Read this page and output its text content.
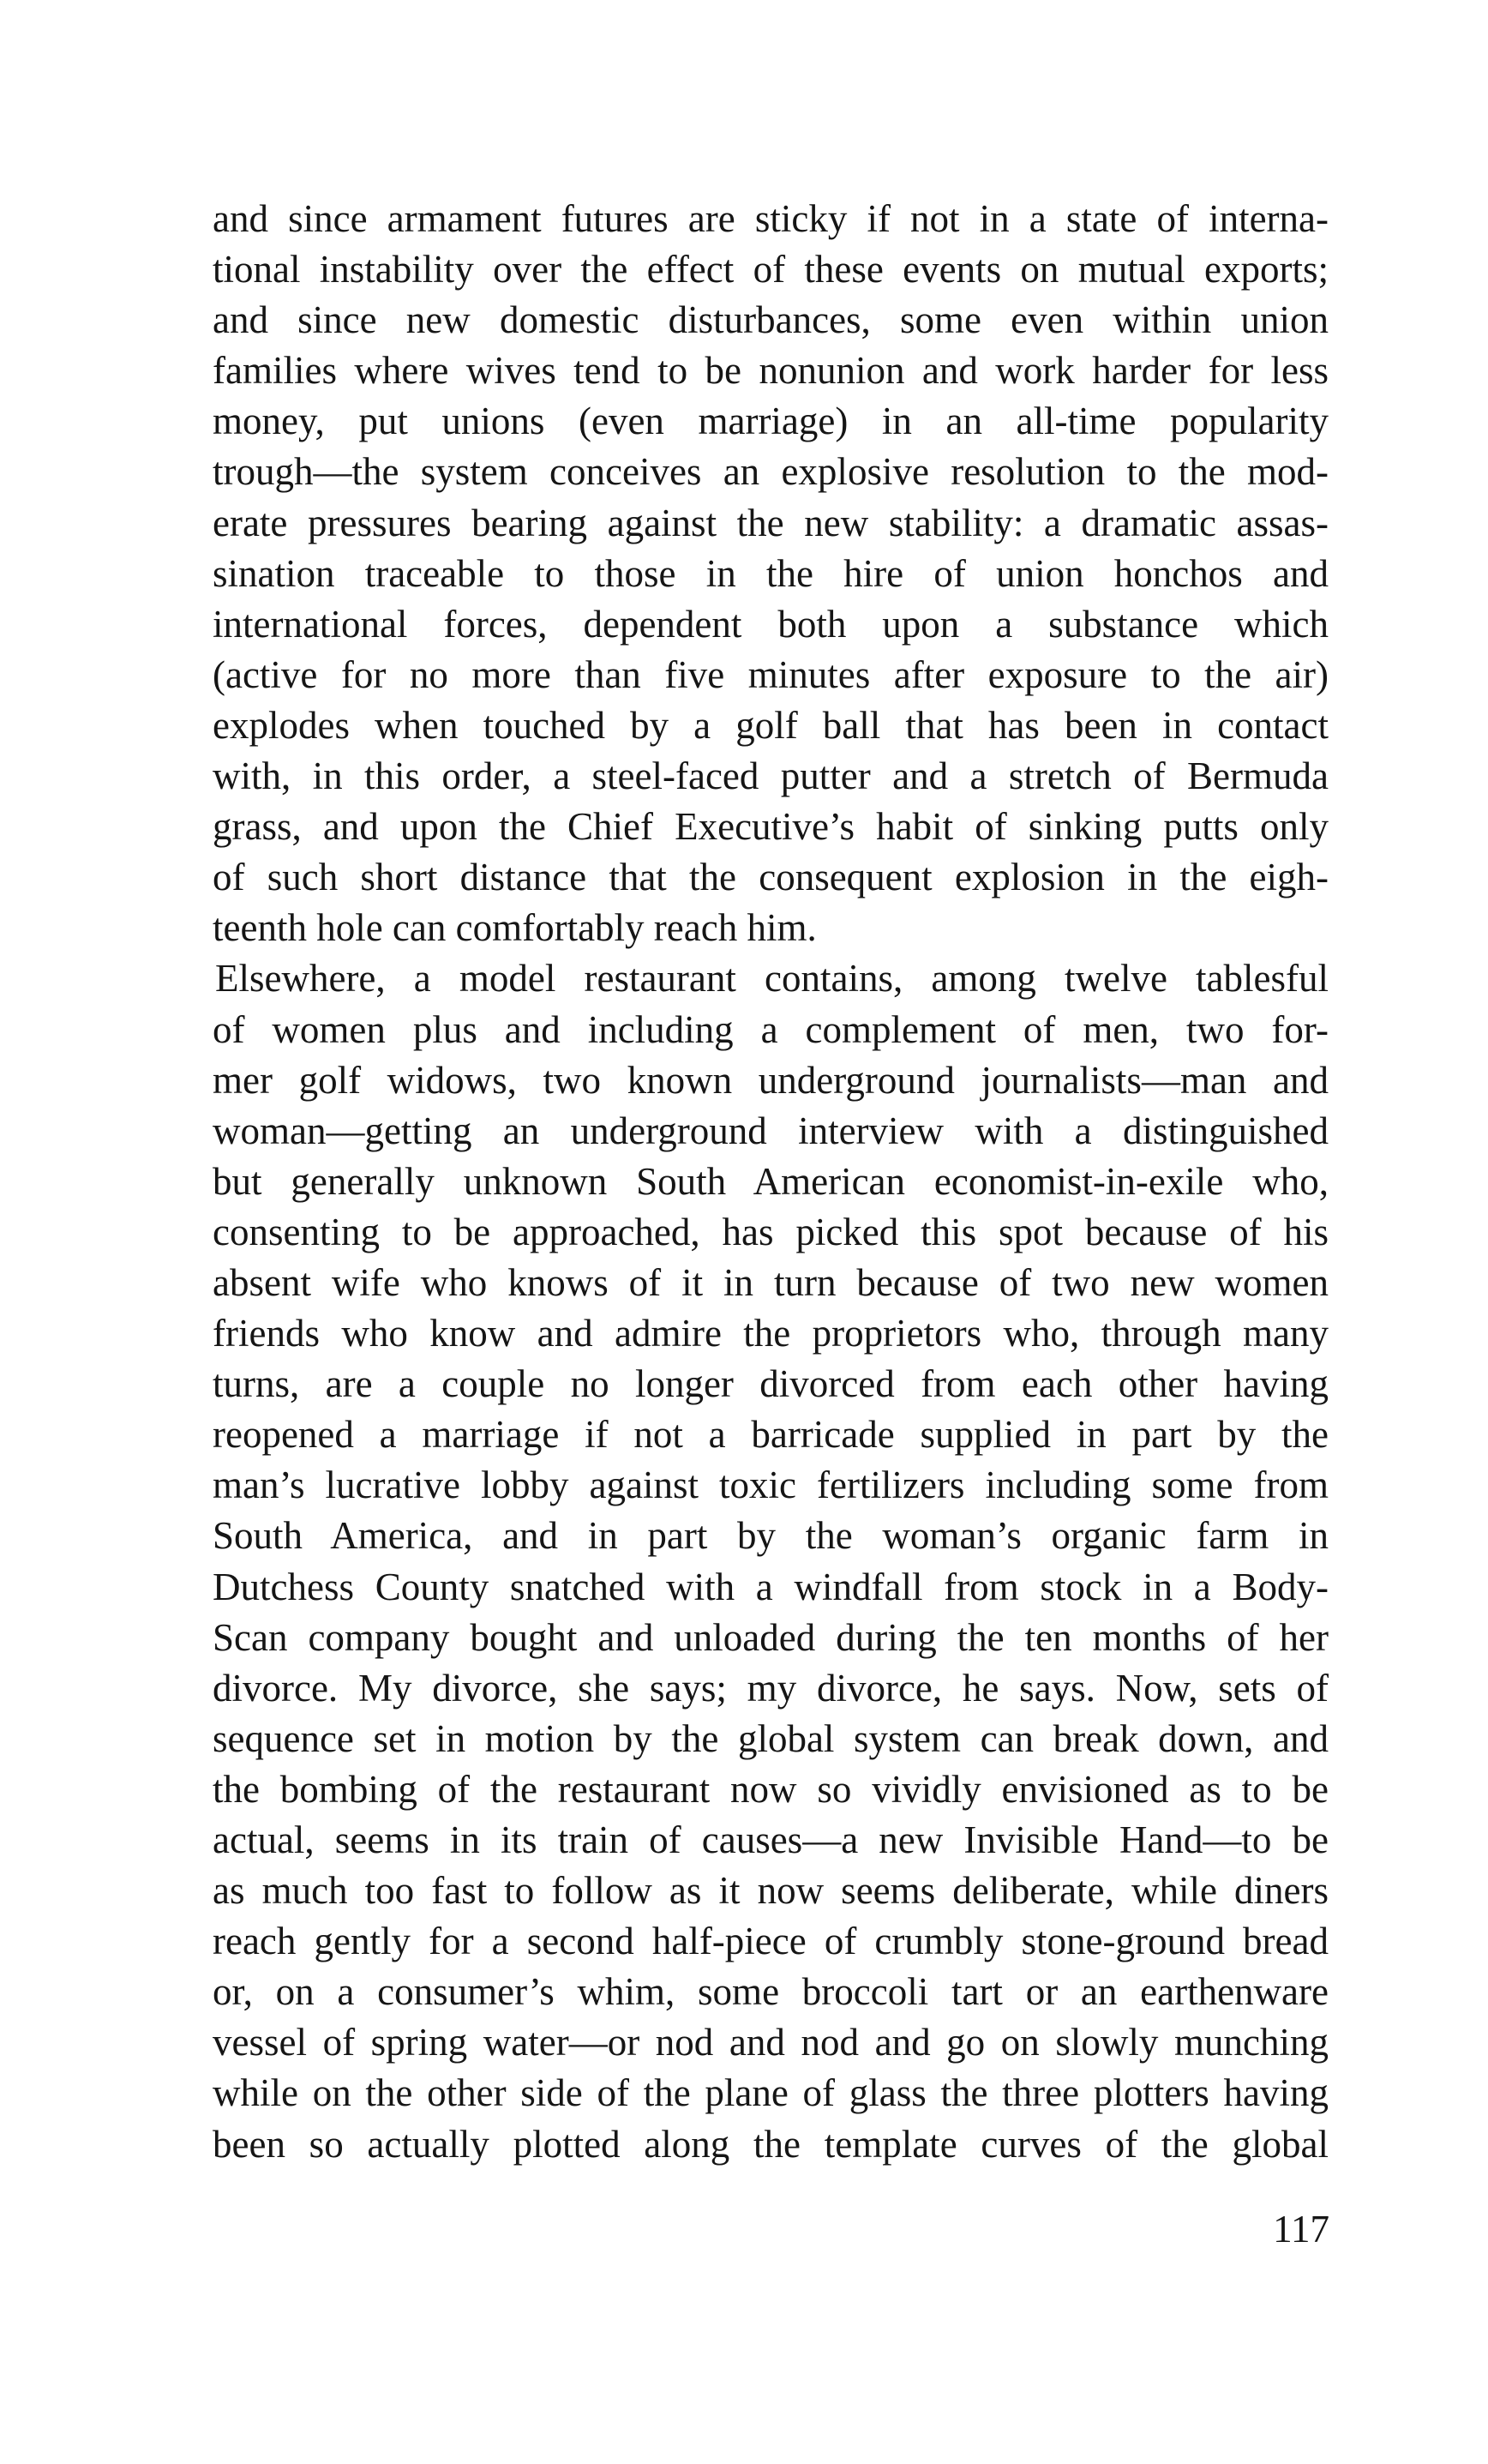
and since armament futures are sticky if not in a state of interna-
tional instability over the effect of these events on mutual exports;
and since new domestic disturbances, some even within union
families where wives tend to be nonunion and work harder for less
money, put unions (even marriage) in an all-time popularity
trough—the system conceives an explosive resolution to the mod-
erate pressures bearing against the new stability: a dramatic assas-
sination traceable to those in the hire of union honchos and
international forces, dependent both upon a substance which
(active for no more than five minutes after exposure to the air)
explodes when touched by a golf ball that has been in contact
with, in this order, a steel-faced putter and a stretch of Bermuda
grass, and upon the Chief Executive’s habit of sinking putts only
of such short distance that the consequent explosion in the eigh-
teenth hole can comfortably reach him.
Elsewhere, a model restaurant contains, among twelve tablesful
of women plus and including a complement of men, two for-
mer golf widows, two known underground journalists—man and
woman—getting an underground interview with a distinguished
but generally unknown South American economist-in-exile who,
consenting to be approached, has picked this spot because of his
absent wife who knows of it in turn because of two new women
friends who know and admire the proprietors who, through many
turns, are a couple no longer divorced from each other having
reopened a marriage if not a barricade supplied in part by the
man’s lucrative lobby against toxic fertilizers including some from
South America, and in part by the woman’s organic farm in
Dutchess County snatched with a windfall from stock in a Body-
Scan company bought and unloaded during the ten months of her
divorce. My divorce, she says; my divorce, he says. Now, sets of
sequence set in motion by the global system can break down, and
the bombing of the restaurant now so vividly envisioned as to be
actual, seems in its train of causes—a new Invisible Hand—to be
as much too fast to follow as it now seems deliberate, while diners
reach gently for a second half-piece of crumbly stone-ground bread
or, on a consumer’s whim, some broccoli tart or an earthenware
vessel of spring water—or nod and nod and go on slowly munching
while on the other side of the plane of glass the three plotters having
been so actually plotted along the template curves of the global
117
